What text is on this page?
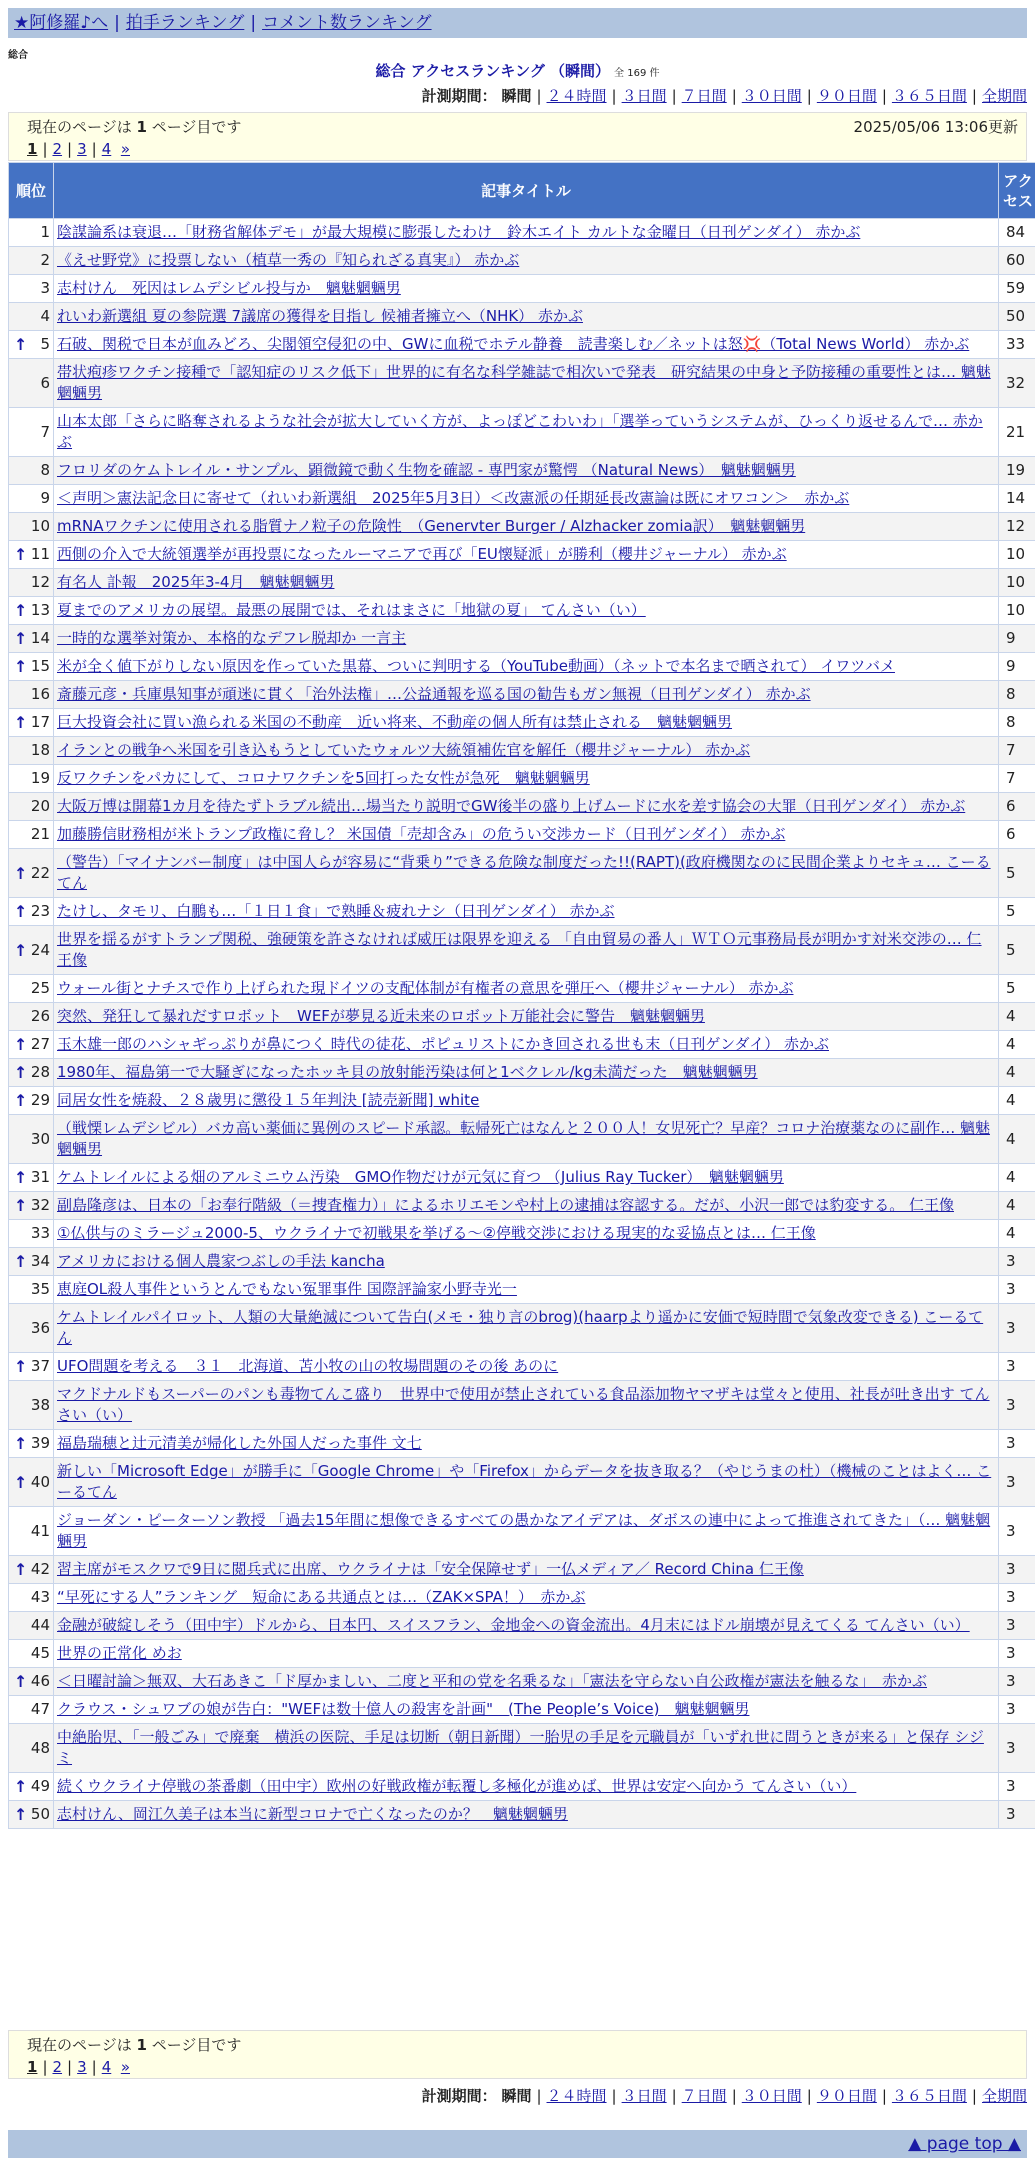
★阿修羅♪へ | 拍手ランキング | コメント数ランキング
総合
総合 アクセスランキング （瞬間） 全 169 件
計測期間： 瞬間 | ２４時間 | ３日間 | ７日間 | ３０日間 | ９０日間 | ３６５日間 | 全期間
現在のページは 1 ページ目です	2025/05/06 13:06更新
1 | 2 | 3 | 4 »
順位	記事タイトル	アクセス
1	陰謀論系は衰退…「財務省解体デモ」が最大規模に膨張したわけ　鈴木エイト カルトな金曜日（日刊ゲンダイ） 赤かぶ	84
2	《えせ野党》に投票しない（植草一秀の『知られざる真実』） 赤かぶ	60
3	志村けん　死因はレムデシビル投与か　魑魅魍魎男	59
4	れいわ新選組 夏の参院選 7議席の獲得を目指し 候補者擁立へ（NHK） 赤かぶ	50

↑ 5	石破、関税で日本が血みどろ、尖閣領空侵犯の中、GWに血税でホテル静養　読書楽しむ／ネットは怒💢（Total News World） 赤かぶ	33
6	帯状疱疹ワクチン接種で「認知症のリスク低下」世界的に有名な科学雑誌で相次いで発表　研究結果の中身と予防接種の重要性とは… 魑魅魍魎男	32
7	山本太郎「さらに略奪されるような社会が拡大していく方が、よっぽどこわいわ」「選挙っていうシステムが、ひっくり返せるんで… 赤かぶ	21
8	フロリダのケムトレイル・サンプル、顕微鏡で動く生物を確認 - 専門家が驚愕 （Natural News）　魑魅魍魎男	19
9	＜声明＞憲法記念日に寄せて（れいわ新選組　2025年5月3日）＜改憲派の任期延長改憲論は既にオワコン＞　赤かぶ	14
10	mRNAワクチンに使用される脂質ナノ粒子の危険性　（Genervter Burger / Alzhacker zomia訳）　魑魅魍魎男	12

↑ 11	西側の介入で大統領選挙が再投票になったルーマニアで再び「EU懐疑派」が勝利（櫻井ジャーナル） 赤かぶ	10
12	有名人 訃報　2025年3-4月　魑魅魍魎男	10

↑ 13	夏までのアメリカの展望。最悪の展開では、それはまさに「地獄の夏」 てんさい（い）	10

↑ 14	一時的な選挙対策か、本格的なデフレ脱却か 一言主	9

↑ 15	米が全く値下がりしない原因を作っていた黒幕、ついに判明する（YouTube動画）（ネットで本名まで晒されて） イワツバメ	9
16	斎藤元彦・兵庫県知事が頑迷に貫く「治外法権」…公益通報を巡る国の勧告もガン無視（日刊ゲンダイ） 赤かぶ	8

↑ 17	巨大投資会社に買い漁られる米国の不動産　近い将来、不動産の個人所有は禁止される　魑魅魍魎男	8
18	イランとの戦争へ米国を引き込もうとしていたウォルツ大統領補佐官を解任（櫻井ジャーナル） 赤かぶ	7
19	反ワクチンをパカにして、コロナワクチンを5回打った女性が急死　魑魅魍魎男	7
20	大阪万博は開幕1カ月を待たずトラブル続出…場当たり説明でGW後半の盛り上げムードに水を差す協会の大罪（日刊ゲンダイ） 赤かぶ	6
21	加藤勝信財務相が米トランプ政権に脅し？ 米国債「売却含み」の危うい交渉カード（日刊ゲンダイ） 赤かぶ	6

↑ 22	（警告）「マイナンバー制度」は中国人らが容易に“背乗り”できる危険な制度だった!!(RAPT)(政府機関なのに民間企業よりセキュ… こーるてん	5

↑ 23	たけし、タモリ、白鵬も…「１日１食」で熟睡＆疲れナシ（日刊ゲンダイ） 赤かぶ	5

↑ 24	世界を揺るがすトランプ関税、強硬策を許さなければ威圧は限界を迎える 「自由貿易の番人」ＷＴＯ元事務局長が明かす対米交渉の… 仁王像	5
25	ウォール街とナチスで作り上げられた現ドイツの支配体制が有権者の意思を弾圧へ（櫻井ジャーナル） 赤かぶ	5
26	突然、発狂して暴れだすロボット　WEFが夢見る近未来のロボット万能社会に警告　魑魅魍魎男	4

↑ 27	玉木雄一郎のハシャギっぷりが鼻につく 時代の徒花、ポピュリストにかき回される世も末（日刊ゲンダイ） 赤かぶ	4

↑ 28	1980年、福島第一で大騒ぎになったホッキ貝の放射能汚染は何と1ベクレル/kg未満だった　魑魅魍魎男	4

↑ 29	同居女性を焼殺、２８歳男に懲役１５年判決 [読売新聞] white	4
30	（戦慄レムデシビル）バカ高い薬価に異例のスピード承認。転帰死亡はなんと２００人！女児死亡？早産？コロナ治療薬なのに副作… 魑魅魍魎男	4

↑ 31	ケムトレイルによる畑のアルミニウム汚染　GMO作物だけが元気に育つ （Julius Ray Tucker）　魑魅魍魎男	4

↑ 32	副島隆彦は、日本の「お奉行階級（＝捜査権力）」によるホリエモンや村上の逮捕は容認する。だが、小沢一郎では豹変する。 仁王像	4
33	①仏供与のミラージュ2000-5、ウクライナで初戦果を挙げる～②停戦交渉における現実的な妥協点とは… 仁王像	4

↑ 34	アメリカにおける個人農家つぶしの手法 kancha	3
35	恵庭OL殺人事件というとんでもない冤罪事件 国際評論家小野寺光一	3
36	ケムトレイルパイロット、人類の大量絶滅について告白(メモ・独り言のbrog)(haarpより遥かに安価で短時間で気象改変できる) こーるてん	3

↑ 37	UFO問題を考える　３１　北海道、苫小牧の山の牧場問題のその後 あのに	3
38	マクドナルドもスーパーのパンも毒物てんこ盛り　世界中で使用が禁止されている食品添加物ヤマザキは堂々と使用、社長が吐き出す てんさい（い）	3

↑ 39	福島瑞穂と辻元清美が帰化した外国人だった事件 文七	3

↑ 40	新しい「Microsoft Edge」が勝手に「Google Chrome」や「Firefox」からデータを抜き取る？（やじうまの杜）（機械のことはよく… こーるてん	3
41	ジョーダン・ピーターソン教授 「過去15年間に想像できるすべての愚かなアイデアは、ダボスの連中によって推進されてきた」（… 魑魅魍魎男	3

↑ 42	習主席がモスクワで9日に閲兵式に出席、ウクライナは「安全保障せず」一仏メディア／ Record China 仁王像	3
43	“早死にする人”ランキング　短命にある共通点とは…（ZAK×SPA！）　赤かぶ	3
44	金融が破綻しそう（田中宇）ドルから、日本円、スイスフラン、金地金への資金流出。4月末にはドル崩壊が見えてくる てんさい（い）	3
45	世界の正常化 めお	3

↑ 46	＜日曜討論＞無双、大石あきこ「ド厚かましい、二度と平和の党を名乗るな」「憲法を守らない自公政権が憲法を触るな」　赤かぶ	3
47	クラウス・シュワブの娘が告白："WEFは数十億人の殺害を計画"　(The People’s Voice)　魑魅魍魎男	3
48	中絶胎児、「一般ごみ」で廃棄　横浜の医院、手足は切断（朝日新聞）一胎児の手足を元職員が「いずれ世に問うときが来る」と保存 シジミ	3

↑ 49	続くウクライナ停戦の茶番劇（田中宇）欧州の好戦政権が転覆し多極化が進めば、世界は安定へ向かう てんさい（い）	3

↑ 50	志村けん、岡江久美子は本当に新型コロナで亡くなったのか？　魑魅魍魎男	3
現在のページは 1 ページ目です
1 | 2 | 3 | 4 »
計測期間： 瞬間 | ２４時間 | ３日間 | ７日間 | ３０日間 | ９０日間 | ３６５日間 | 全期間
▲ page top ▲
